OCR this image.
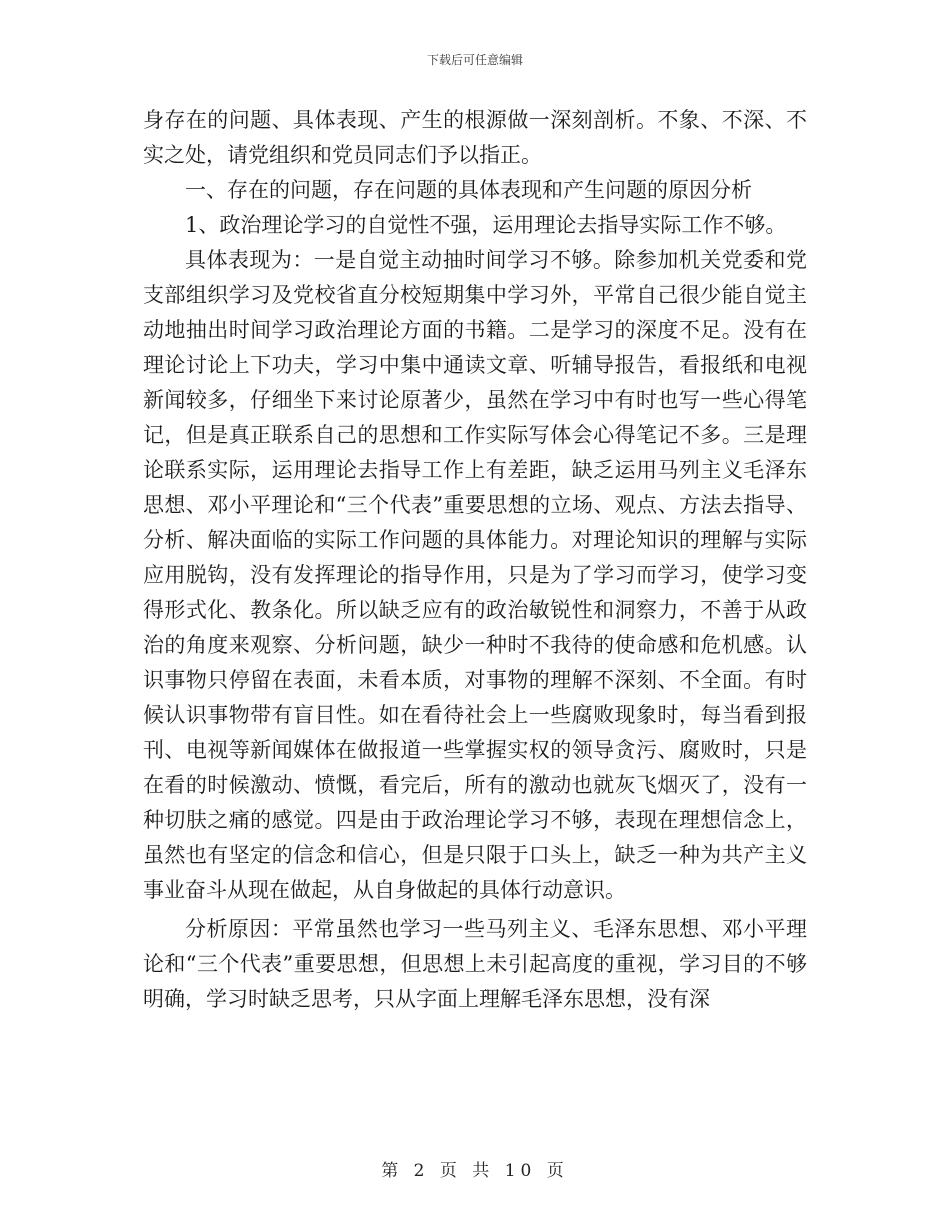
下载后可任意编辑

身存在的问题、具体表现、产生的根源做一深刻剖析。不象、不深、不实之处，请党组织和党员同志们予以指正。

一、存在的问题，存在问题的具体表现和产生问题的原因分析

1、政治理论学习的自觉性不强，运用理论去指导实际工作不够。

具体表现为：一是自觉主动抽时间学习不够。除参加机关党委和党支部组织学习及党校省直分校短期集中学习外，平常自己很少能自觉主动地抽出时间学习政治理论方面的书籍。二是学习的深度不足。没有在理论讨论上下功夫，学习中集中通读文章、听辅导报告，看报纸和电视新闻较多，仔细坐下来讨论原著少，虽然在学习中有时也写一些心得笔记，但是真正联系自己的思想和工作实际写体会心得笔记不多。三是理论联系实际，运用理论去指导工作上有差距，缺乏运用马列主义毛泽东思想、邓小平理论和“三个代表”重要思想的立场、观点、方法去指导、分析、解决面临的实际工作问题的具体能力。对理论知识的理解与实际应用脱钩，没有发挥理论的指导作用，只是为了学习而学习，使学习变得形式化、教条化。所以缺乏应有的政治敏锐性和洞察力，不善于从政治的角度来观察、分析问题，缺少一种时不我待的使命感和危机感。认识事物只停留在表面，未看本质，对事物的理解不深刻、不全面。有时候认识事物带有盲目性。如在看待社会上一些腐败现象时，每当看到报刊、电视等新闻媒体在做报道一些掌握实权的领导贪污、腐败时，只是在看的时候激动、愤慨，看完后，所有的激动也就灰飞烟灭了，没有一种切肤之痛的感觉。四是由于政治理论学习不够，表现在理想信念上，虽然也有坚定的信念和信心，但是只限于口头上，缺乏一种为共产主义事业奋斗从现在做起，从自身做起的具体行动意识。

分析原因：平常虽然也学习一些马列主义、毛泽东思想、邓小平理论和“三个代表”重要思想，但思想上未引起高度的重视，学习目的不够明确，学习时缺乏思考，只从字面上理解毛泽东思想，没有深

第 2 页 共 10 页
